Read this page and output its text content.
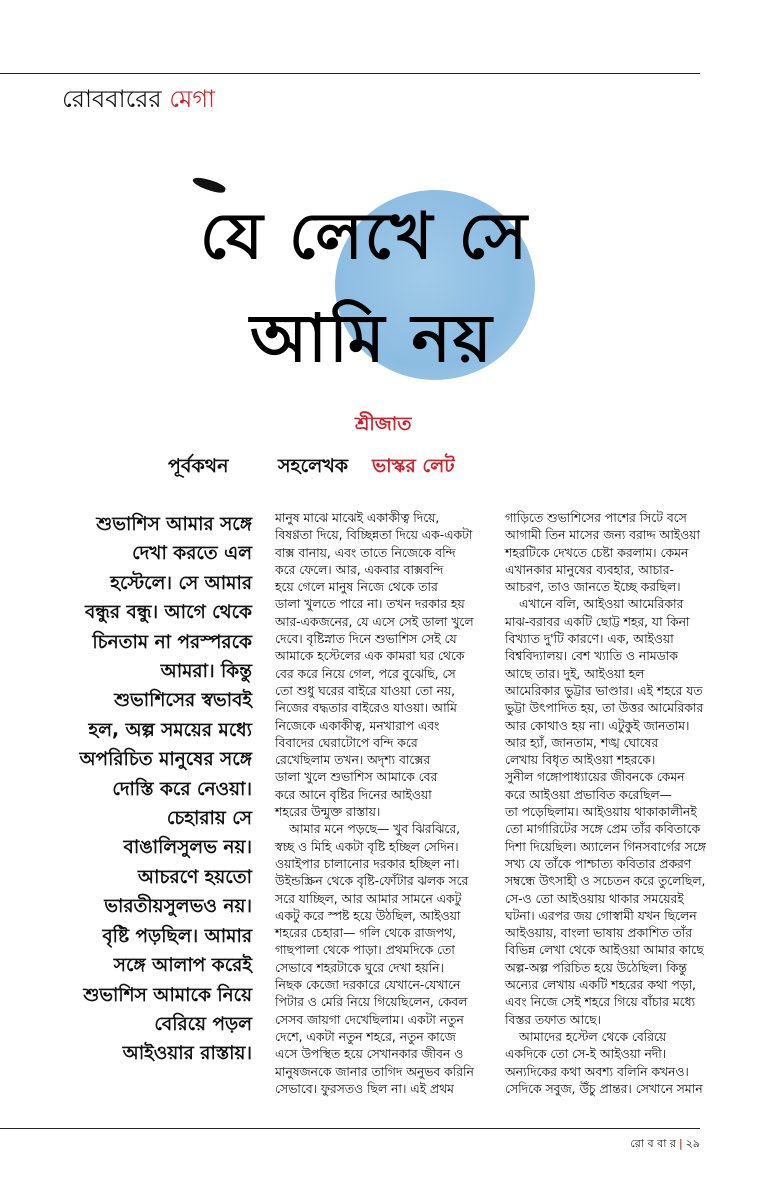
রোববারের মেগা
যে লেখে সে
আমি নয়
শ্রীজাত
পূর্বকথন	সহলেখক ভাস্কর লেট
শুভাশিস আমার সঙ্গে
দেখা করতে এল
হস্টেলে। সে আমার
বন্ধুর বন্ধু। আগে থেকে
চিনতাম না পরস্পরকে
আমরা। কিন্তু
শুভাশিসের স্বভাবই
হল, অল্প সময়ের মধ্যে
অপরিচিত মানুষের সঙ্গে
দোস্তি করে নেওয়া।
চেহারায় সে
বাঙালিসুলভ নয়।
আচরণে হয়তো
ভারতীয়সুলভও নয়।
বৃষ্টি পড়ছিল। আমার
সঙ্গে আলাপ করেই
শুভাশিস আমাকে নিয়ে
বেরিয়ে পড়ল
আইওয়ার রাস্তায়।
মানুষ মাঝে মাঝেই একাকীত্ব দিয়ে,
বিষণ্ণতা দিয়ে, বিচ্ছিন্নতা দিয়ে এক-একটা
বাক্স বানায়, এবং তাতে নিজেকে বন্দি
করে ফেলে। আর, একবার বাক্সবন্দি
হয়ে গেলে মানুষ নিজে থেকে তার
ডালা খুলতে পারে না। তখন দরকার হয়
আর-একজনের, যে এসে সেই ডালা খুলে
দেবে। বৃষ্টিস্নাত দিনে শুভাশিস সেই যে
আমাকে হস্টেলের এক কামরা ঘর থেকে
বের করে নিয়ে গেল, পরে বুঝেছি, সে
তো শুধু ঘরের বাইরে যাওয়া তো নয়,
নিজের বদ্ধতার বাইরেও যাওয়া। আমি
নিজেকে একাকীত্ব, মনখারাপ এবং
বিবাদের ঘেরাটোপে বন্দি করে
রেখেছিলাম তখন। অদৃশ্য বাক্সের
ডালা খুলে শুভাশিস আমাকে বের
করে আনে বৃষ্টির দিনের আইওয়া
শহরের উন্মুক্ত রাস্তায়।
আমার মনে পড়ছে— খুব ঝিরঝিরে,
স্বচ্ছ ও মিহি একটা বৃষ্টি হচ্ছিল সেদিন।
ওয়াইপার চালানোর দরকার হচ্ছিল না।
উইন্ডস্ক্রিন থেকে বৃষ্টি-ফোঁটার ঝলক সরে
সরে যাচ্ছিল, আর আমার সামনে একটু
একটু করে স্পষ্ট হয়ে উঠছিল, আইওয়া
শহরের চেহারা— গলি থেকে রাজপথ,
গাছপালা থেকে পাড়া। প্রথমদিকে তো
সেভাবে শহরটাকে ঘুরে দেখা হয়নি।
নিছক কেজো দরকারে যেখানে-যেখানে
পিটার ও মেরি নিয়ে গিয়েছিলেন, কেবল
সেসব জায়গা দেখেছিলাম। একটা নতুন
দেশে, একটা নতুন শহরে, নতুন কাজে
এসে উপস্থিত হয়ে সেখানকার জীবন ও
মানুষজনকে জানার তাগিদ অনুভব করিনি
সেভাবে। ফুরসতও ছিল না। এই প্রথম
গাড়িতে শুভাশিসের পাশের সিটে বসে
আগামী তিন মাসের জন্য বরাদ্দ আইওয়া
শহরটিকে দেখতে চেষ্টা করলাম। কেমন
এখানকার মানুষের ব্যবহার, আচার-
আচরণ, তাও জানতে ইচ্ছে করছিল।
এখানে বলি, আইওয়া আমেরিকার
মাঝ-বরাবর একটি ছোট্ট শহর, যা কিনা
বিখ্যাত দু'টি কারণে। এক, আইওয়া
বিশ্ববিদ্যালয়। বেশ খ্যাতি ও নামডাক
আছে তার। দুই, আইওয়া হল
আমেরিকার ভুট্টার ভাণ্ডার। এই শহরে যত
ভুট্টা উৎপাদিত হয়, তা উত্তর আমেরিকার
আর কোথাও হয় না। এটুকুই জানতাম।
আর হ্যাঁ, জানতাম, শঙ্খ ঘোষের
লেখায় বিধৃত আইওয়া শহরকে।
সুনীল গঙ্গোপাধ্যায়ের জীবনকে কেমন
করে আইওয়া প্রভাবিত করেছিল—
তা পড়েছিলাম। আইওয়ায় থাকাকালীনই
তো মার্গারিটের সঙ্গে প্রেম তাঁর কবিতাকে
দিশা দিয়েছিল। অ্যালেন গিনসবার্গের সঙ্গে
সখ্য যে তাঁকে পাশ্চাত্য কবিতার প্রকরণ
সম্বন্ধে উৎসাহী ও সচেতন করে তুলেছিল,
সে-ও তো আইওয়ায় থাকার সময়েরই
ঘটনা। এরপর জয় গোস্বামী যখন ছিলেন
আইওয়ায়, বাংলা ভাষায় প্রকাশিত তাঁর
বিভিন্ন লেখা থেকে আইওয়া আমার কাছে
অল্প-অল্প পরিচিত হয়ে উঠেছিল। কিন্তু
অন্যের লেখায় একটি শহরের কথা পড়া,
এবং নিজে সেই শহরে গিয়ে বাঁচার মধ্যে
বিস্তর তফাত আছে।
আমাদের হস্টেল থেকে বেরিয়ে
একদিকে তো সে-ই আইওয়া নদী।
অন্যদিকের কথা অবশ্য বলিনি কখনও।
সেদিকে সবুজ, উঁচু প্রান্তর। সেখানে সমান
রো ব বা র | ২৯
